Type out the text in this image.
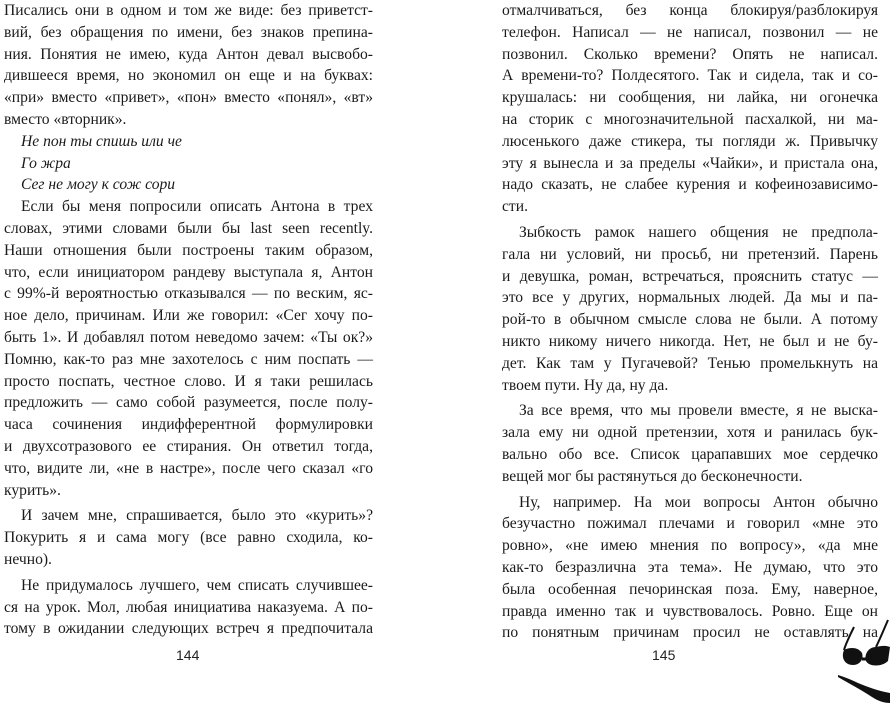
Писались они в одном и том же виде: без приветст-
вий, без обращения по имени, без знаков препина-
ния. Понятия не имею, куда Антон девал высвобо-
дившееся время, но экономил он еще и на буквах:
«при» вместо «привет», «пон» вместо «понял», «вт»
вместо «вторник».
Не пон ты спишь или че
Го жра
Сег не могу к сож сори
Если бы меня попросили описать Антона в трех
словах, этими словами были бы last seen recently.
Наши отношения были построены таким образом,
что, если инициатором рандеву выступала я, Антон
с 99%-й вероятностью отказывался — по веским, яс-
ное дело, причинам. Или же говорил: «Сег хочу по-
быть 1». И добавлял потом неведомо зачем: «Ты ок?»
Помню, как-то раз мне захотелось с ним поспать —
просто поспать, честное слово. И я таки решилась
предложить — само собой разумеется, после полу-
часа сочинения индифферентной формулировки
и двухсотразового ее стирания. Он ответил тогда,
что, видите ли, «не в настре», после чего сказал «го
курить».
И зачем мне, спрашивается, было это «курить»?
Покурить я и сама могу (все равно сходила, ко-
нечно).
Не придумалось лучшего, чем списать случившее-
ся на урок. Мол, любая инициатива наказуема. А по-
тому в ожидании следующих встреч я предпочитала
144
отмалчиваться, без конца блокируя/разблокируя
телефон. Написал — не написал, позвонил — не
позвонил. Сколько времени? Опять не написал.
А времени-то? Полдесятого. Так и сидела, так и со-
крушалась: ни сообщения, ни лайка, ни огонечка
на сторик с многозначительной пасхалкой, ни ма-
люсенького даже стикера, ты погляди ж. Привычку
эту я вынесла и за пределы «Чайки», и пристала она,
надо сказать, не слабее курения и кофеинозависимо-
сти.
Зыбкость рамок нашего общения не предпола-
гала ни условий, ни просьб, ни претензий. Парень
и девушка, роман, встречаться, прояснить статус —
это все у других, нормальных людей. Да мы и па-
рой-то в обычном смысле слова не были. А потому
никто никому ничего никогда. Нет, не был и не бу-
дет. Как там у Пугачевой? Тенью промелькнуть на
твоем пути. Ну да, ну да.
За все время, что мы провели вместе, я не выска-
зала ему ни одной претензии, хотя и ранилась бук-
вально обо все. Список царапавших мое сердечко
вещей мог бы растянуться до бесконечности.
Ну, например. На мои вопросы Антон обычно
безучастно пожимал плечами и говорил «мне это
ровно», «не имею мнения по вопросу», «да мне
как-то безразлична эта тема». Не думаю, что это
была особенная печоринская поза. Ему, наверное,
правда именно так и чувствовалось. Ровно. Еще он
по понятным причинам просил не оставлять на
145
